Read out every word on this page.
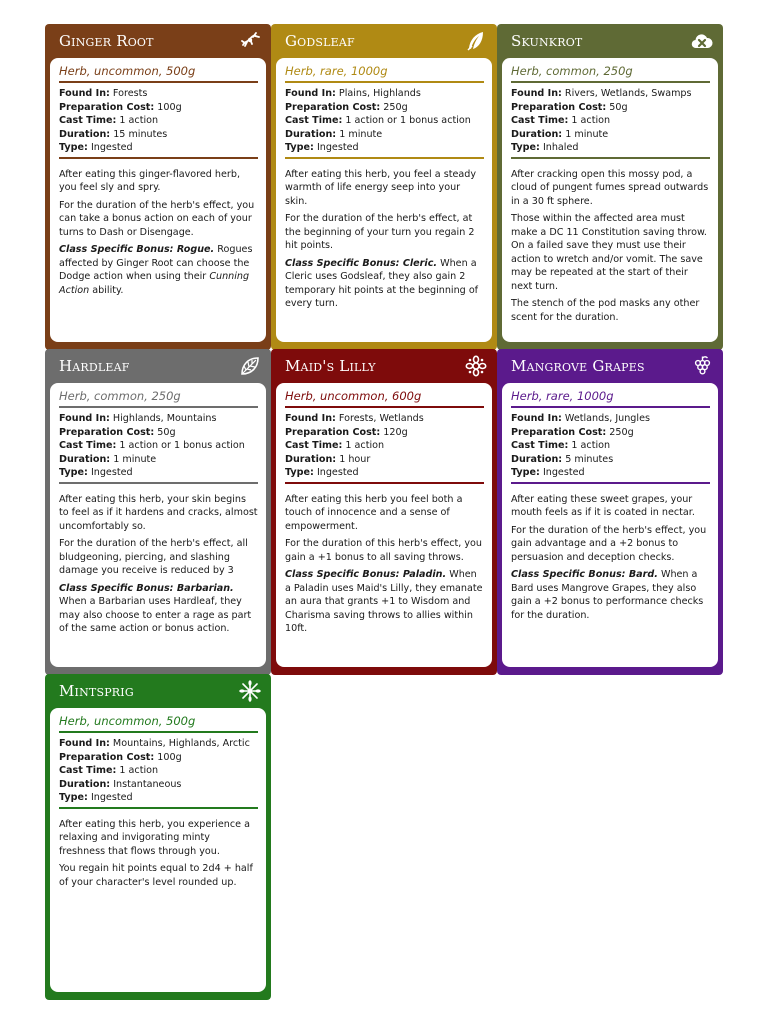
Ginger Root
Herb, uncommon, 500g
Found In: Forests
Preparation Cost: 100g
Cast Time: 1 action
Duration: 15 minutes
Type: Ingested

After eating this ginger-flavored herb, you feel sly and spry.

For the duration of the herb's effect, you can take a bonus action on each of your turns to Dash or Disengage.

Class Specific Bonus: Rogue. Rogues affected by Ginger Root can choose the Dodge action when using their Cunning Action ability.

Godsleaf
Herb, rare, 1000g
Found In: Plains, Highlands
Preparation Cost: 250g
Cast Time: 1 action or 1 bonus action
Duration: 1 minute
Type: Ingested

After eating this herb, you feel a steady warmth of life energy seep into your skin.

For the duration of the herb's effect, at the beginning of your turn you regain 2 hit points.

Class Specific Bonus: Cleric. When a Cleric uses Godsleaf, they also gain 2 temporary hit points at the beginning of every turn.

Skunkrot
Herb, common, 250g
Found In: Rivers, Wetlands, Swamps
Preparation Cost: 50g
Cast Time: 1 action
Duration: 1 minute
Type: Inhaled

After cracking open this mossy pod, a cloud of pungent fumes spread outwards in a 30 ft sphere.

Those within the affected area must make a DC 11 Constitution saving throw. On a failed save they must use their action to wretch and/or vomit. The save may be repeated at the start of their next turn.

The stench of the pod masks any other scent for the duration.

Hardleaf
Herb, common, 250g
Found In: Highlands, Mountains
Preparation Cost: 50g
Cast Time: 1 action or 1 bonus action
Duration: 1 minute
Type: Ingested

After eating this herb, your skin begins to feel as if it hardens and cracks, almost uncomfortably so.

For the duration of the herb's effect, all bludgeoning, piercing, and slashing damage you receive is reduced by 3

Class Specific Bonus: Barbarian. When a Barbarian uses Hardleaf, they may also choose to enter a rage as part of the same action or bonus action.

Maid's Lilly
Herb, uncommon, 600g
Found In: Forests, Wetlands
Preparation Cost: 120g
Cast Time: 1 action
Duration: 1 hour
Type: Ingested

After eating this herb you feel both a touch of innocence and a sense of empowerment.

For the duration of this herb's effect, you gain a +1 bonus to all saving throws.

Class Specific Bonus: Paladin. When a Paladin uses Maid's Lilly, they emanate an aura that grants +1 to Wisdom and Charisma saving throws to allies within 10ft.

Mangrove Grapes
Herb, rare, 1000g
Found In: Wetlands, Jungles
Preparation Cost: 250g
Cast Time: 1 action
Duration: 5 minutes
Type: Ingested

After eating these sweet grapes, your mouth feels as if it is coated in nectar.

For the duration of the herb's effect, you gain advantage and a +2 bonus to persuasion and deception checks.

Class Specific Bonus: Bard. When a Bard uses Mangrove Grapes, they also gain a +2 bonus to performance checks for the duration.

Mintsprig
Herb, uncommon, 500g
Found In: Mountains, Highlands, Arctic
Preparation Cost: 100g
Cast Time: 1 action
Duration: Instantaneous
Type: Ingested

After eating this herb, you experience a relaxing and invigorating minty freshness that flows through you.

You regain hit points equal to 2d4 + half of your character's level rounded up.
